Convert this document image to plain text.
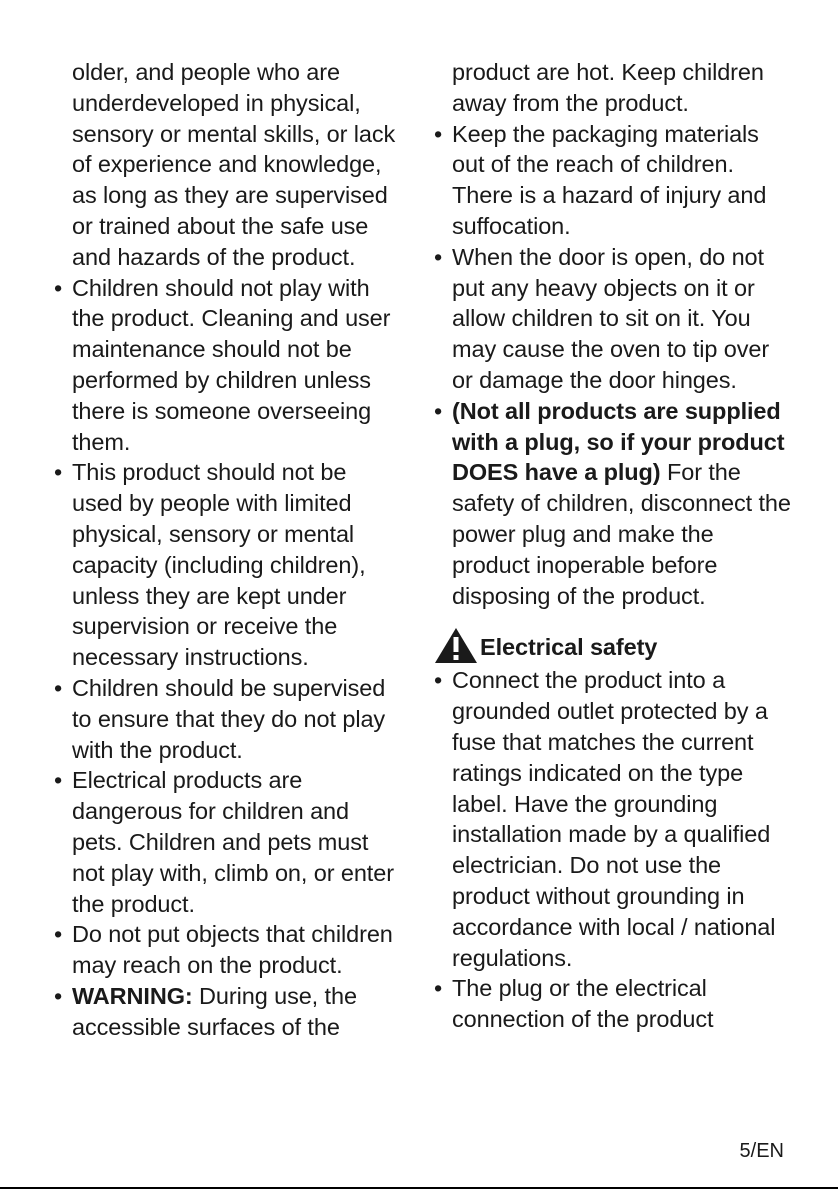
older, and people who are underdeveloped in physical, sensory or mental skills, or lack of experience and knowledge, as long as they are supervised or trained about the safe use and hazards of the product.

• Children should not play with the product. Cleaning and user maintenance should not be performed by children unless there is someone overseeing them.

• This product should not be used by people with limited physical, sensory or mental capacity (including children), unless they are kept under supervision or receive the necessary instructions.

• Children should be supervised to ensure that they do not play with the product.

• Electrical products are dangerous for children and pets. Children and pets must not play with, climb on, or enter the product.

• Do not put objects that children may reach on the product.

• WARNING: During use, the accessible surfaces of the

product are hot. Keep children away from the product.

• Keep the packaging materials out of the reach of children. There is a hazard of injury and suffocation.

• When the door is open, do not put any heavy objects on it or allow children to sit on it. You may cause the oven to tip over or damage the door hinges.

• (Not all products are supplied with a plug, so if your product DOES have a plug) For the safety of children, disconnect the power plug and make the product inoperable before disposing of the product.

Electrical safety

• Connect the product into a grounded outlet protected by a fuse that matches the current ratings indicated on the type label. Have the grounding installation made by a qualified electrician. Do not use the product without grounding in accordance with local / national regulations.

• The plug or the electrical connection of the product

5/EN
